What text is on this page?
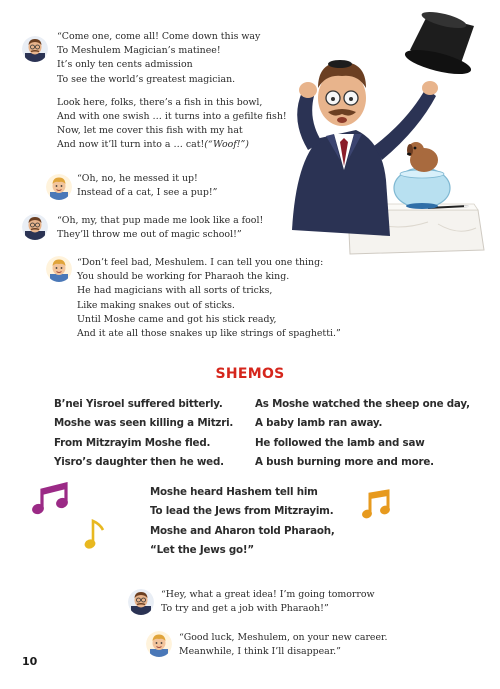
“Come one, come all! Come down this way
To Meshulem Magician’s matinee!
It’s only ten cents admission
To see the world’s greatest magician.
Look here, folks, there’s a fish in this bowl,
And with one swish … it turns into a gefilte fish!
Now, let me cover this fish with my hat
And now it’ll turn into a … cat!(“Woof!”)
“Oh, no, he messed it up!
Instead of a cat, I see a pup!”
“Oh, my, that pup made me look like a fool!
They’ll throw me out of magic school!”
“Don’t feel bad, Meshulem. I can tell you one thing:
You should be working for Pharaoh the king.
He had magicians with all sorts of tricks,
Like making snakes out of sticks.
Until Moshe came and got his stick ready,
And it ate all those snakes up like strings of spaghetti.”
SHEMOS
B’nei Yisroel suffered bitterly.
Moshe was seen killing a Mitzri.
From Mitzrayim Moshe fled.
Yisro’s daughter then he wed.
As Moshe watched the sheep one day,
A baby lamb ran away.
He followed the lamb and saw
A bush burning more and more.
Moshe heard Hashem tell him
To lead the Jews from Mitzrayim.
Moshe and Aharon told Pharaoh,
“Let the Jews go!”
“Hey, what a great idea! I’m going tomorrow
To try and get a job with Pharaoh!”
“Good luck, Meshulem, on your new career.
Meanwhile, I think I’ll disappear.”
10
